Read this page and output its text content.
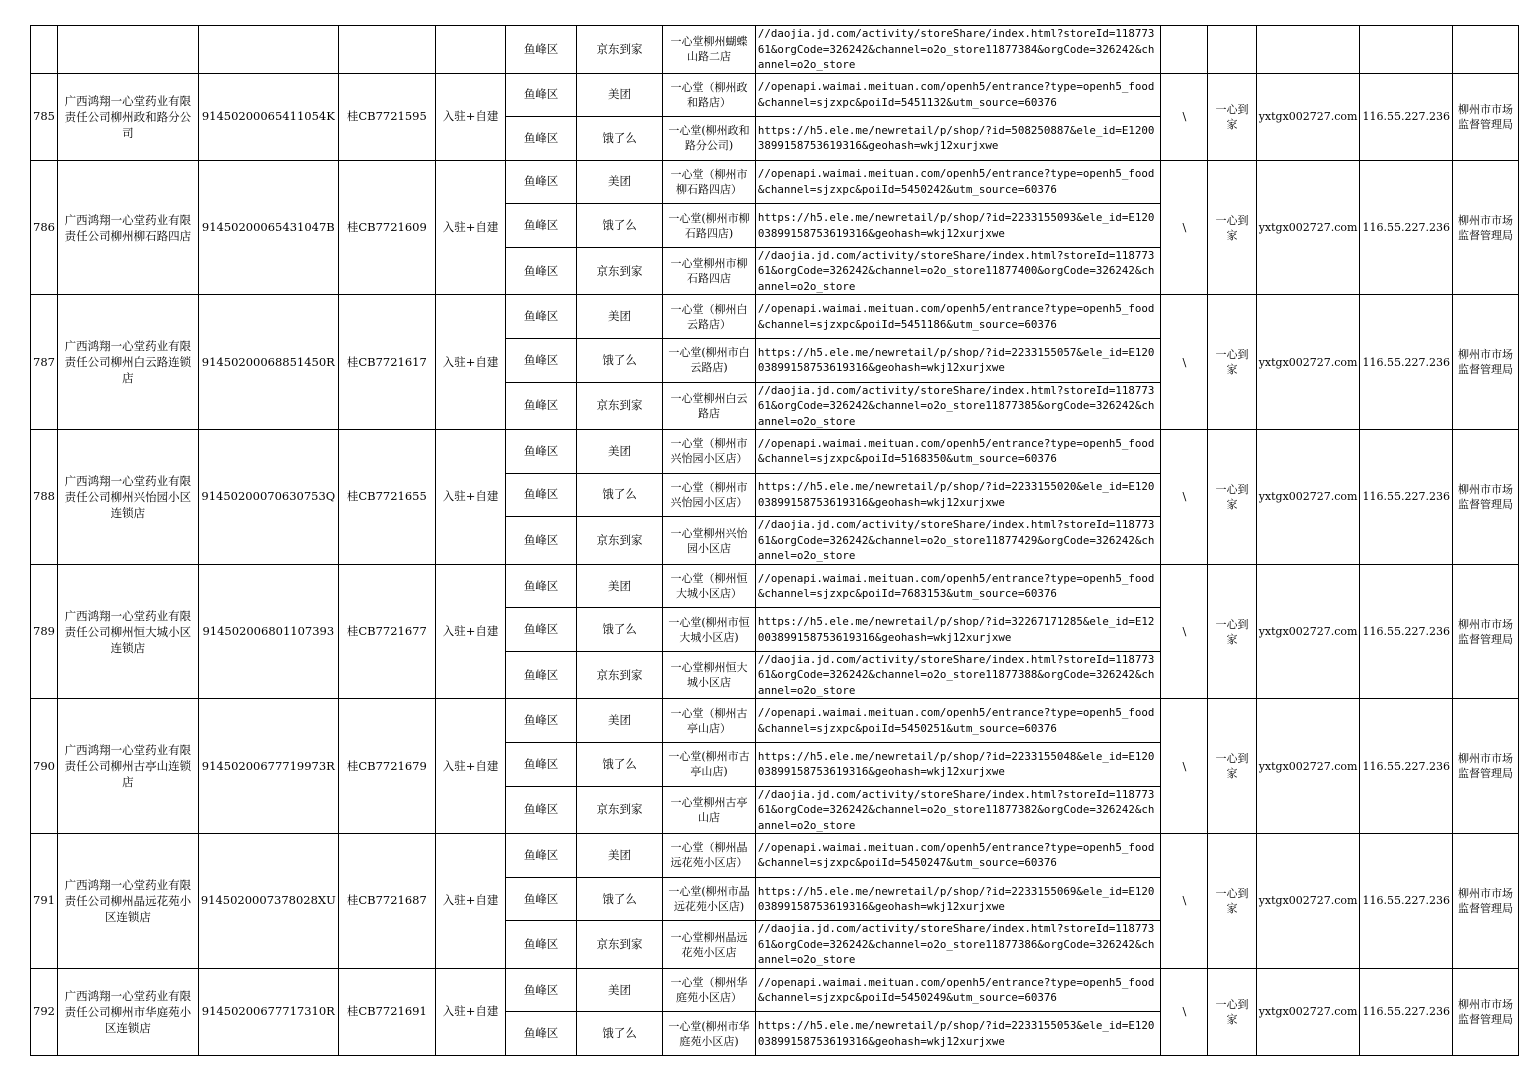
					鱼峰区	京东到家	一心堂柳州蝴蝶山路二店	//daojia.jd.com/activity/storeShare/index.html?storeId=11877361&orgCode=326242&channel=o2o_store11877384&orgCode=326242&channel=o2o_store					
785	广西鸿翔一心堂药业有限责任公司柳州政和路分公司	91450200065411054K	桂CB7721595	入驻+自建	鱼峰区	美团	一心堂（柳州政和路店）	//openapi.waimai.meituan.com/openh5/entrance?type=openh5_food&channel=sjzxpc&poiId=5451132&utm_source=60376	\	一心到家	yxtgx002727.com	116.55.227.236	柳州市市场监督管理局
					鱼峰区	饿了么	一心堂(柳州政和路分公司)	https://h5.ele.me/newretail/p/shop/?id=508250887&ele_id=E12003899158753619316&geohash=wkj12xurjxwe					
786	广西鸿翔一心堂药业有限责任公司柳州柳石路四店	91450200065431047B	桂CB7721609	入驻+自建	鱼峰区	美团	一心堂（柳州市柳石路四店）	//openapi.waimai.meituan.com/openh5/entrance?type=openh5_food&channel=sjzxpc&poiId=5450242&utm_source=60376	\	一心到家	yxtgx002727.com	116.55.227.236	柳州市市场监督管理局
					鱼峰区	饿了么	一心堂(柳州市柳石路四店)	https://h5.ele.me/newretail/p/shop/?id=2233155093&ele_id=E12003899158753619316&geohash=wkj12xurjxwe					
					鱼峰区	京东到家	一心堂柳州市柳石路四店	//daojia.jd.com/activity/storeShare/index.html?storeId=11877361&orgCode=326242&channel=o2o_store11877400&orgCode=326242&channel=o2o_store					
787	广西鸿翔一心堂药业有限责任公司柳州白云路连锁店	91450200068851450R	桂CB7721617	入驻+自建	鱼峰区	美团	一心堂（柳州白云路店）	//openapi.waimai.meituan.com/openh5/entrance?type=openh5_food&channel=sjzxpc&poiId=5451186&utm_source=60376	\	一心到家	yxtgx002727.com	116.55.227.236	柳州市市场监督管理局
					鱼峰区	饿了么	一心堂(柳州市白云路店)	https://h5.ele.me/newretail/p/shop/?id=2233155057&ele_id=E12003899158753619316&geohash=wkj12xurjxwe					
					鱼峰区	京东到家	一心堂柳州白云路店	//daojia.jd.com/activity/storeShare/index.html?storeId=11877361&orgCode=326242&channel=o2o_store11877385&orgCode=326242&channel=o2o_store					
788	广西鸿翔一心堂药业有限责任公司柳州兴怡园小区连锁店	91450200070630753Q	桂CB7721655	入驻+自建	鱼峰区	美团	一心堂（柳州市兴怡园小区店）	//openapi.waimai.meituan.com/openh5/entrance?type=openh5_food&channel=sjzxpc&poiId=5168350&utm_source=60376	\	一心到家	yxtgx002727.com	116.55.227.236	柳州市市场监督管理局
					鱼峰区	饿了么	一心堂（柳州市兴怡园小区店）	https://h5.ele.me/newretail/p/shop/?id=2233155020&ele_id=E12003899158753619316&geohash=wkj12xurjxwe					
					鱼峰区	京东到家	一心堂柳州兴怡园小区店	//daojia.jd.com/activity/storeShare/index.html?storeId=11877361&orgCode=326242&channel=o2o_store11877429&orgCode=326242&channel=o2o_store					
789	广西鸿翔一心堂药业有限责任公司柳州恒大城小区连锁店	914502006801107393	桂CB7721677	入驻+自建	鱼峰区	美团	一心堂（柳州恒大城小区店）	//openapi.waimai.meituan.com/openh5/entrance?type=openh5_food&channel=sjzxpc&poiId=7683153&utm_source=60376	\	一心到家	yxtgx002727.com	116.55.227.236	柳州市市场监督管理局
					鱼峰区	饿了么	一心堂(柳州市恒大城小区店)	https://h5.ele.me/newretail/p/shop/?id=32267171285&ele_id=E12003899158753619316&geohash=wkj12xurjxwe					
					鱼峰区	京东到家	一心堂柳州恒大城小区店	//daojia.jd.com/activity/storeShare/index.html?storeId=11877361&orgCode=326242&channel=o2o_store11877388&orgCode=326242&channel=o2o_store					
790	广西鸿翔一心堂药业有限责任公司柳州古亭山连锁店	91450200677719973R	桂CB7721679	入驻+自建	鱼峰区	美团	一心堂（柳州古亭山店）	//openapi.waimai.meituan.com/openh5/entrance?type=openh5_food&channel=sjzxpc&poiId=5450251&utm_source=60376	\	一心到家	yxtgx002727.com	116.55.227.236	柳州市市场监督管理局
					鱼峰区	饿了么	一心堂(柳州市古亭山店)	https://h5.ele.me/newretail/p/shop/?id=2233155048&ele_id=E12003899158753619316&geohash=wkj12xurjxwe					
					鱼峰区	京东到家	一心堂柳州古亭山店	//daojia.jd.com/activity/storeShare/index.html?storeId=11877361&orgCode=326242&channel=o2o_store11877382&orgCode=326242&channel=o2o_store					
791	广西鸿翔一心堂药业有限责任公司柳州晶远花苑小区连锁店	9145020007378028XU	桂CB7721687	入驻+自建	鱼峰区	美团	一心堂（柳州晶远花苑小区店）	//openapi.waimai.meituan.com/openh5/entrance?type=openh5_food&channel=sjzxpc&poiId=5450247&utm_source=60376	\	一心到家	yxtgx002727.com	116.55.227.236	柳州市市场监督管理局
					鱼峰区	饿了么	一心堂(柳州市晶远花苑小区店)	https://h5.ele.me/newretail/p/shop/?id=2233155069&ele_id=E12003899158753619316&geohash=wkj12xurjxwe					
					鱼峰区	京东到家	一心堂柳州晶远花苑小区店	//daojia.jd.com/activity/storeShare/index.html?storeId=11877361&orgCode=326242&channel=o2o_store11877386&orgCode=326242&channel=o2o_store					
792	广西鸿翔一心堂药业有限责任公司柳州市华庭苑小区连锁店	91450200677717310R	桂CB7721691	入驻+自建	鱼峰区	美团	一心堂（柳州华庭苑小区店）	//openapi.waimai.meituan.com/openh5/entrance?type=openh5_food&channel=sjzxpc&poiId=5450249&utm_source=60376	\	一心到家	yxtgx002727.com	116.55.227.236	柳州市市场监督管理局
					鱼峰区	饿了么	一心堂(柳州市华庭苑小区店)	https://h5.ele.me/newretail/p/shop/?id=2233155053&ele_id=E12003899158753619316&geohash=wkj12xurjxwe					
